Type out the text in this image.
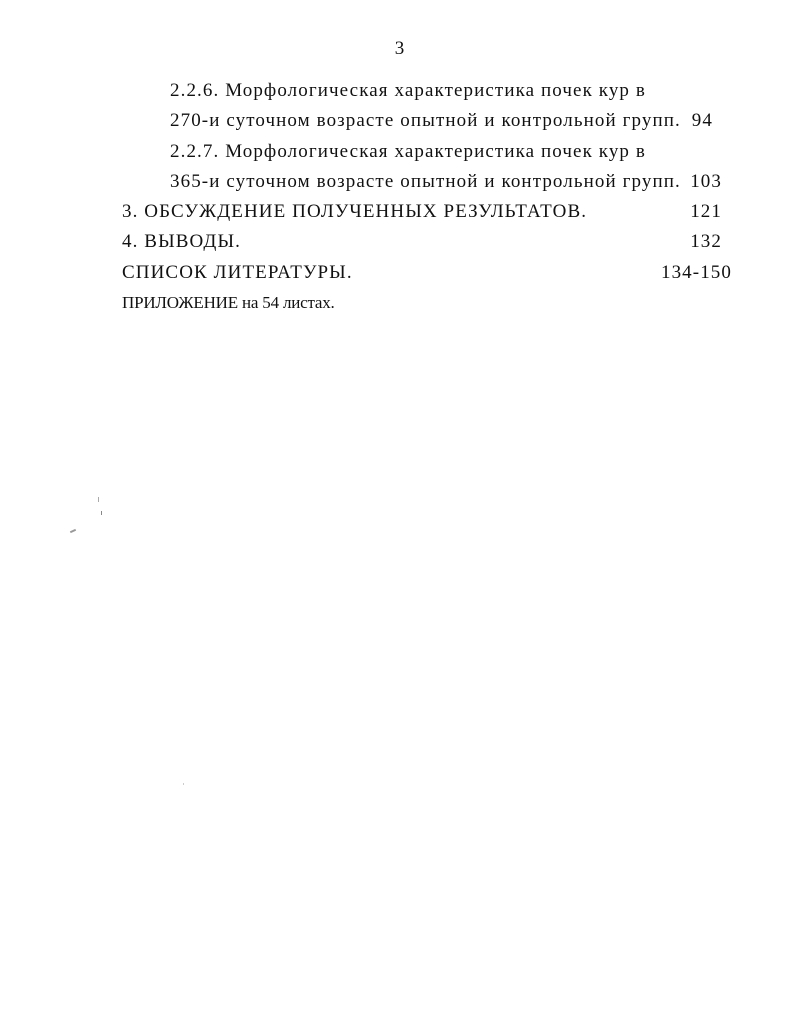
3
2.2.6. Морфологическая характеристика почек кур в
270-и суточном возрасте опытной и контрольной групп. 94
2.2.7. Морфологическая характеристика почек кур в
365-и суточном возрасте опытной и контрольной групп. 103
3. ОБСУЖДЕНИЕ ПОЛУЧЕННЫХ РЕЗУЛЬТАТОВ.	121
4. ВЫВОДЫ.	132
СПИСОК ЛИТЕРАТУРЫ.	134-150
ПРИЛОЖЕНИЕ на 54 листах.
